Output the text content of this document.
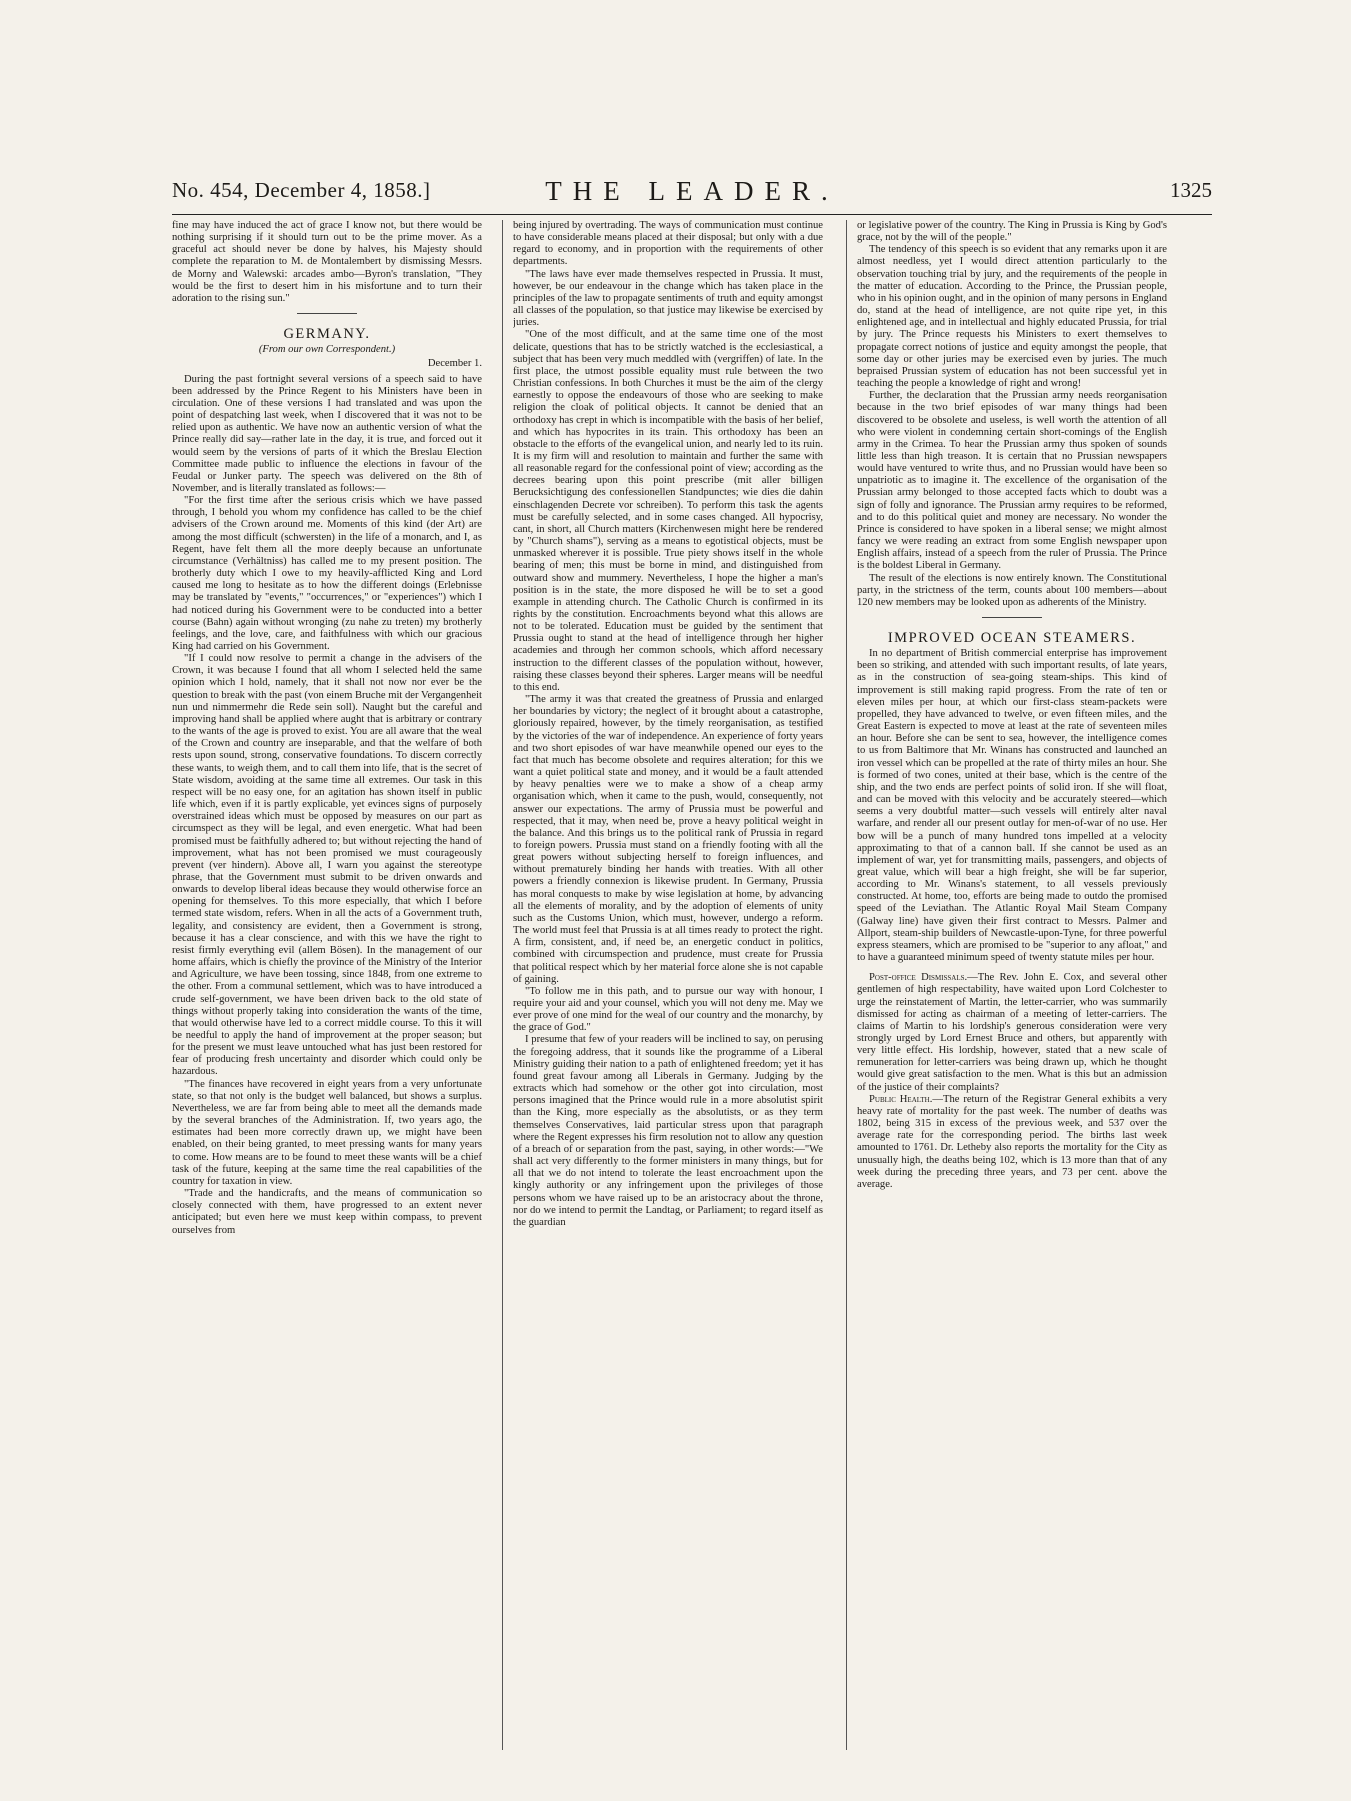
No. 454, December 4, 1858.]	THE LEADER.	1325

fine may have induced the act of grace I know not, but there would be nothing surprising if it should turn out to be the prime mover. As a graceful act should never be done by halves, his Majesty should complete the reparation to M. de Montalembert by dismissing Messrs. de Morny and Walewski: arcades ambo—Byron's translation, "They would be the first to desert him in his misfortune and to turn their adoration to the rising sun."

GERMANY.
(From our own Correspondent.)
December 1.

During the past fortnight several versions of a speech said to have been addressed by the Prince Regent to his Ministers have been in circulation. One of these versions I had translated and was upon the point of despatching last week, when I discovered that it was not to be relied upon as authentic. We have now an authentic version of what the Prince really did say—rather late in the day, it is true, and forced out it would seem by the versions of parts of it which the Breslau Election Committee made public to influence the elections in favour of the Feudal or Junker party. The speech was delivered on the 8th of November, and is literally translated as follows:—

"For the first time after the serious crisis which we have passed through, I behold you whom my confidence has called to be the chief advisers of the Crown around me. Moments of this kind (der Art) are among the most difficult (schwersten) in the life of a monarch, and I, as Regent, have felt them all the more deeply because an unfortunate circumstance (Verhältniss) has called me to my present position. The brotherly duty which I owe to my heavily-afflicted King and Lord caused me long to hesitate as to how the different doings (Erlebnisse may be translated by "events," "occurrences," or "experiences") which I had noticed during his Government were to be conducted into a better course (Bahn) again without wronging (zu nahe zu treten) my brotherly feelings, and the love, care, and faithfulness with which our gracious King had carried on his Government.

"If I could now resolve to permit a change in the advisers of the Crown, it was because I found that all whom I selected held the same opinion which I hold, namely, that it shall not now nor ever be the question to break with the past (von einem Bruche mit der Vergangenheit nun und nimmermehr die Rede sein soll). Naught but the careful and improving hand shall be applied where aught that is arbitrary or contrary to the wants of the age is proved to exist. You are all aware that the weal of the Crown and country are inseparable, and that the welfare of both rests upon sound, strong, conservative foundations. To discern correctly these wants, to weigh them, and to call them into life, that is the secret of State wisdom, avoiding at the same time all extremes. Our task in this respect will be no easy one, for an agitation has shown itself in public life which, even if it is partly explicable, yet evinces signs of purposely overstrained ideas which must be opposed by measures on our part as circumspect as they will be legal, and even energetic. What had been promised must be faithfully adhered to; but without rejecting the hand of improvement, what has not been promised we must courageously prevent (ver hindern). Above all, I warn you against the stereotype phrase, that the Government must submit to be driven onwards and onwards to develop liberal ideas because they would otherwise force an opening for themselves. To this more especially, that which I before termed state wisdom, refers. When in all the acts of a Government truth, legality, and consistency are evident, then a Government is strong, because it has a clear conscience, and with this we have the right to resist firmly everything evil (allem Bösen). In the management of our home affairs, which is chiefly the province of the Ministry of the Interior and Agriculture, we have been tossing, since 1848, from one extreme to the other. From a communal settlement, which was to have introduced a crude self-government, we have been driven back to the old state of things without properly taking into consideration the wants of the time, that would otherwise have led to a correct middle course. To this it will be needful to apply the hand of improvement at the proper season; but for the present we must leave untouched what has just been restored for fear of producing fresh uncertainty and disorder which could only be hazardous.

"The finances have recovered in eight years from a very unfortunate state, so that not only is the budget well balanced, but shows a surplus. Nevertheless, we are far from being able to meet all the demands made by the several branches of the Administration. If, two years ago, the estimates had been more correctly drawn up, we might have been enabled, on their being granted, to meet pressing wants for many years to come. How means are to be found to meet these wants will be a chief task of the future, keeping at the same time the real capabilities of the country for taxation in view.

"Trade and the handicrafts, and the means of communication so closely connected with them, have progressed to an extent never anticipated; but even here we must keep within compass, to prevent ourselves from

being injured by overtrading. The ways of communication must continue to have considerable means placed at their disposal; but only with a due regard to economy, and in proportion with the requirements of other departments.

"The laws have ever made themselves respected in Prussia. It must, however, be our endeavour in the change which has taken place in the principles of the law to propagate sentiments of truth and equity amongst all classes of the population, so that justice may likewise be exercised by juries.

"One of the most difficult, and at the same time one of the most delicate, questions that has to be strictly watched is the ecclesiastical, a subject that has been very much meddled with (vergriffen) of late. In the first place, the utmost possible equality must rule between the two Christian confessions. In both Churches it must be the aim of the clergy earnestly to oppose the endeavours of those who are seeking to make religion the cloak of political objects. It cannot be denied that an orthodoxy has crept in which is incompatible with the basis of her belief, and which has hypocrites in its train. This orthodoxy has been an obstacle to the efforts of the evangelical union, and nearly led to its ruin. It is my firm will and resolution to maintain and further the same with all reasonable regard for the confessional point of view; according as the decrees bearing upon this point prescribe (mit aller billigen Berucksichtigung des confessionellen Standpunctes; wie dies die dahin einschlagenden Decrete vor schreiben). To perform this task the agents must be carefully selected, and in some cases changed. All hypocrisy, cant, in short, all Church matters (Kirchenwesen might here be rendered by "Church shams"), serving as a means to egotistical objects, must be unmasked wherever it is possible. True piety shows itself in the whole bearing of men; this must be borne in mind, and distinguished from outward show and mummery. Nevertheless, I hope the higher a man's position is in the state, the more disposed he will be to set a good example in attending church. The Catholic Church is confirmed in its rights by the constitution. Encroachments beyond what this allows are not to be tolerated. Education must be guided by the sentiment that Prussia ought to stand at the head of intelligence through her higher academies and through her common schools, which afford necessary instruction to the different classes of the population without, however, raising these classes beyond their spheres. Larger means will be needful to this end.

"The army it was that created the greatness of Prussia and enlarged her boundaries by victory; the neglect of it brought about a catastrophe, gloriously repaired, however, by the timely reorganisation, as testified by the victories of the war of independence. An experience of forty years and two short episodes of war have meanwhile opened our eyes to the fact that much has become obsolete and requires alteration; for this we want a quiet political state and money, and it would be a fault attended by heavy penalties were we to make a show of a cheap army organisation which, when it came to the push, would, consequently, not answer our expectations. The army of Prussia must be powerful and respected, that it may, when need be, prove a heavy political weight in the balance. And this brings us to the political rank of Prussia in regard to foreign powers. Prussia must stand on a friendly footing with all the great powers without subjecting herself to foreign influences, and without prematurely binding her hands with treaties. With all other powers a friendly connexion is likewise prudent. In Germany, Prussia has moral conquests to make by wise legislation at home, by advancing all the elements of morality, and by the adoption of elements of unity such as the Customs Union, which must, however, undergo a reform. The world must feel that Prussia is at all times ready to protect the right. A firm, consistent, and, if need be, an energetic conduct in politics, combined with circumspection and prudence, must create for Prussia that political respect which by her material force alone she is not capable of gaining.

"To follow me in this path, and to pursue our way with honour, I require your aid and your counsel, which you will not deny me. May we ever prove of one mind for the weal of our country and the monarchy, by the grace of God."

I presume that few of your readers will be inclined to say, on perusing the foregoing address, that it sounds like the programme of a Liberal Ministry guiding their nation to a path of enlightened freedom; yet it has found great favour among all Liberals in Germany. Judging by the extracts which had somehow or the other got into circulation, most persons imagined that the Prince would rule in a more absolutist spirit than the King, more especially as the absolutists, or as they term themselves Conservatives, laid particular stress upon that paragraph where the Regent expresses his firm resolution not to allow any question of a breach of or separation from the past, saying, in other words:—"We shall act very differently to the former ministers in many things, but for all that we do not intend to tolerate the least encroachment upon the kingly authority or any infringement upon the privileges of those persons whom we have raised up to be an aristocracy about the throne, nor do we intend to permit the Landtag, or Parliament; to regard itself as the guardian

or legislative power of the country. The King in Prussia is King by God's grace, not by the will of the people."

The tendency of this speech is so evident that any remarks upon it are almost needless, yet I would direct attention particularly to the observation touching trial by jury, and the requirements of the people in the matter of education. According to the Prince, the Prussian people, who in his opinion ought, and in the opinion of many persons in England do, stand at the head of intelligence, are not quite ripe yet, in this enlightened age, and in intellectual and highly educated Prussia, for trial by jury. The Prince requests his Ministers to exert themselves to propagate correct notions of justice and equity amongst the people, that some day or other juries may be exercised even by juries. The much bepraised Prussian system of education has not been successful yet in teaching the people a knowledge of right and wrong!

Further, the declaration that the Prussian army needs reorganisation because in the two brief episodes of war many things had been discovered to be obsolete and useless, is well worth the attention of all who were violent in condemning certain short-comings of the English army in the Crimea. To hear the Prussian army thus spoken of sounds little less than high treason. It is certain that no Prussian newspapers would have ventured to write thus, and no Prussian would have been so unpatriotic as to imagine it. The excellence of the organisation of the Prussian army belonged to those accepted facts which to doubt was a sign of folly and ignorance. The Prussian army requires to be reformed, and to do this political quiet and money are necessary. No wonder the Prince is considered to have spoken in a liberal sense; we might almost fancy we were reading an extract from some English newspaper upon English affairs, instead of a speech from the ruler of Prussia. The Prince is the boldest Liberal in Germany.

The result of the elections is now entirely known. The Constitutional party, in the strictness of the term, counts about 100 members—about 120 new members may be looked upon as adherents of the Ministry.

IMPROVED OCEAN STEAMERS.

In no department of British commercial enterprise has improvement been so striking, and attended with such important results, of late years, as in the construction of sea-going steam-ships. This kind of improvement is still making rapid progress. From the rate of ten or eleven miles per hour, at which our first-class steam-packets were propelled, they have advanced to twelve, or even fifteen miles, and the Great Eastern is expected to move at least at the rate of seventeen miles an hour. Before she can be sent to sea, however, the intelligence comes to us from Baltimore that Mr. Winans has constructed and launched an iron vessel which can be propelled at the rate of thirty miles an hour. She is formed of two cones, united at their base, which is the centre of the ship, and the two ends are perfect points of solid iron. If she will float, and can be moved with this velocity and be accurately steered—which seems a very doubtful matter—such vessels will entirely alter naval warfare, and render all our present outlay for men-of-war of no use. Her bow will be a punch of many hundred tons impelled at a velocity approximating to that of a cannon ball. If she cannot be used as an implement of war, yet for transmitting mails, passengers, and objects of great value, which will bear a high freight, she will be far superior, according to Mr. Winans's statement, to all vessels previously constructed. At home, too, efforts are being made to outdo the promised speed of the Leviathan. The Atlantic Royal Mail Steam Company (Galway line) have given their first contract to Messrs. Palmer and Allport, steam-ship builders of Newcastle-upon-Tyne, for three powerful express steamers, which are promised to be "superior to any afloat," and to have a guaranteed minimum speed of twenty statute miles per hour.

Post-office Dismissals.—The Rev. John E. Cox, and several other gentlemen of high respectability, have waited upon Lord Colchester to urge the reinstatement of Martin, the letter-carrier, who was summarily dismissed for acting as chairman of a meeting of letter-carriers. The claims of Martin to his lordship's generous consideration were very strongly urged by Lord Ernest Bruce and others, but apparently with very little effect. His lordship, however, stated that a new scale of remuneration for letter-carriers was being drawn up, which he thought would give great satisfaction to the men. What is this but an admission of the justice of their complaints?

Public Health.—The return of the Registrar General exhibits a very heavy rate of mortality for the past week. The number of deaths was 1802, being 315 in excess of the previous week, and 537 over the average rate for the corresponding period. The births last week amounted to 1761. Dr. Letheby also reports the mortality for the City as unusually high, the deaths being 102, which is 13 more than that of any week during the preceding three years, and 73 per cent. above the average.
